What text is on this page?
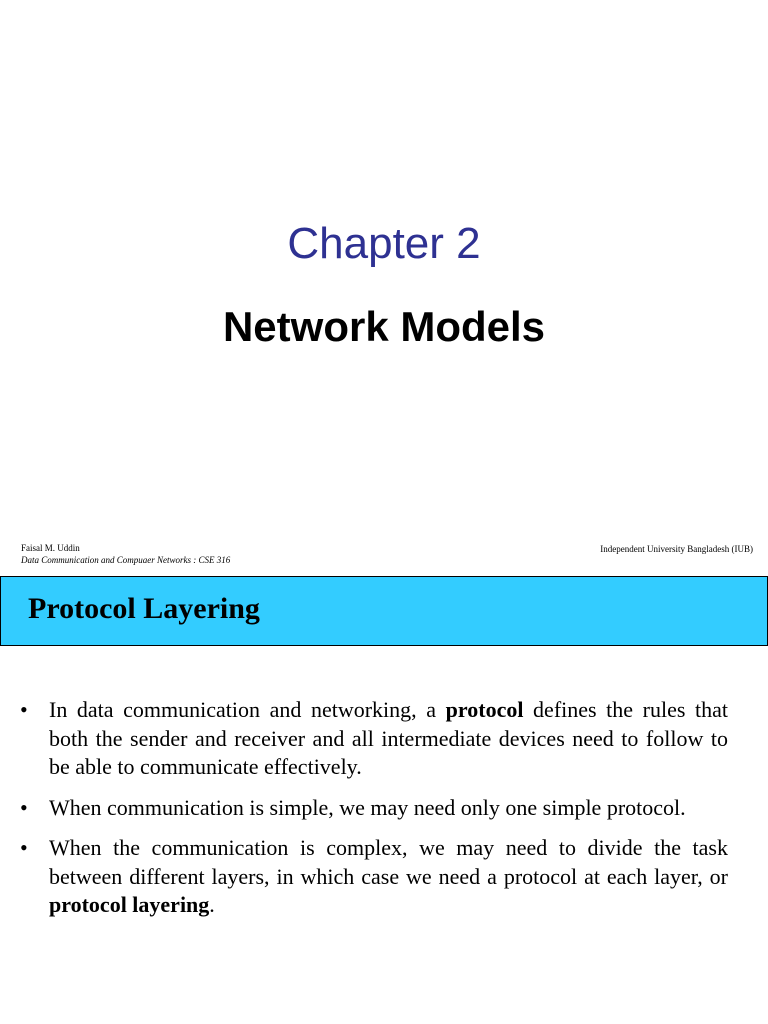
Chapter 2
Network Models
Faisal M. Uddin
Data Communication and Compuaer Networks : CSE 316
Independent University Bangladesh (IUB)
Protocol Layering
• In data communication and networking, a protocol defines the rules that both the sender and receiver and all intermediate devices need to follow to be able to communicate effectively.
• When communication is simple, we may need only one simple protocol.
• When the communication is complex, we may need to divide the task between different layers, in which case we need a protocol at each layer, or protocol layering.
